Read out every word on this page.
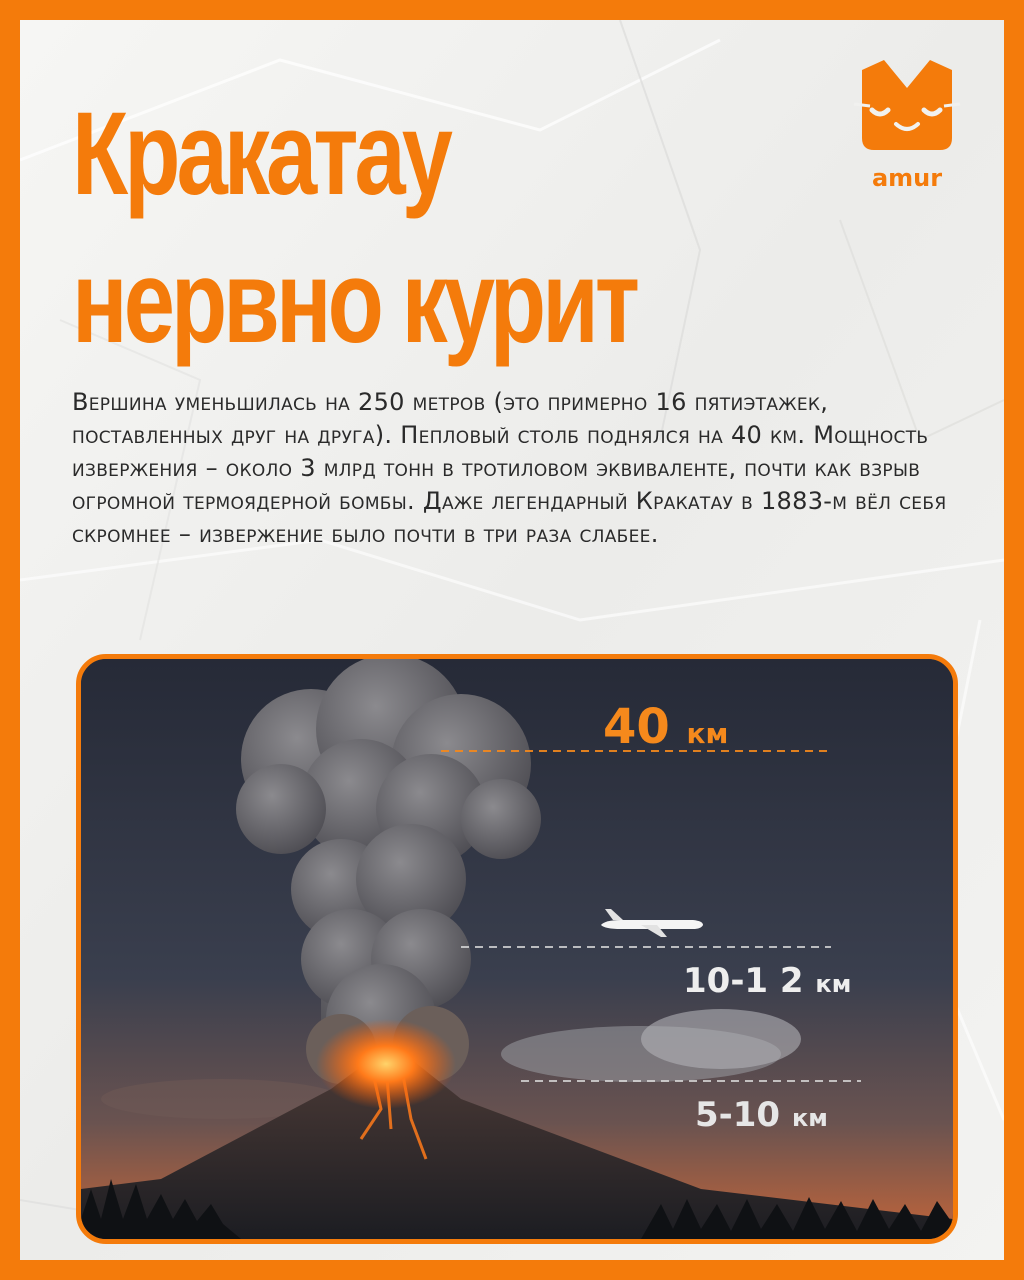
Кракатау
нервно курит
amur

Вершина уменьшилась на 250 метров (это примерно 16 пятиэтажек, поставленных друг на друга). Пепловый столб поднялся на 40 км. Мощность извержения – около 3 млрд тонн в тротиловом эквиваленте, почти как взрыв огромной термоядерной бомбы. Даже легендарный Кракатау в 1883-м вёл себя скромнее – извержение было почти в три раза слабее.

40 км
10-1 2 км
5-10 км
